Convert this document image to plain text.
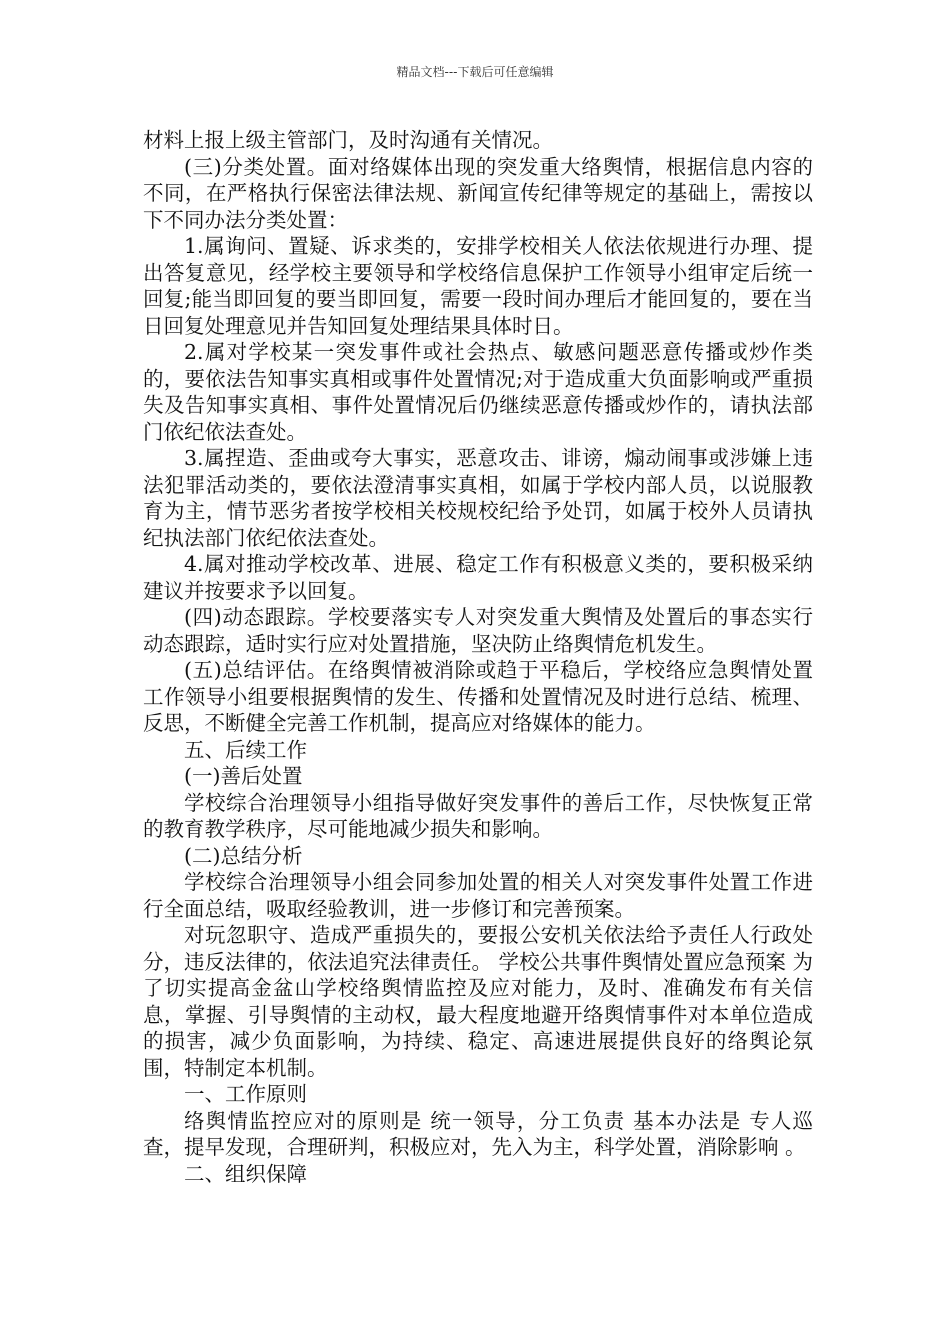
精品文档---下载后可任意编辑

材料上报上级主管部门，及时沟通有关情况。

(三)分类处置。面对络媒体出现的突发重大络舆情，根据信息内容的不同，在严格执行保密法律法规、新闻宣传纪律等规定的基础上，需按以下不同办法分类处置：

1.属询问、置疑、诉求类的，安排学校相关人依法依规进行办理、提出答复意见，经学校主要领导和学校络信息保护工作领导小组审定后统一回复;能当即回复的要当即回复，需要一段时间办理后才能回复的，要在当日回复处理意见并告知回复处理结果具体时日。

2.属对学校某一突发事件或社会热点、敏感问题恶意传播或炒作类的，要依法告知事实真相或事件处置情况;对于造成重大负面影响或严重损失及告知事实真相、事件处置情况后仍继续恶意传播或炒作的，请执法部门依纪依法查处。

3.属捏造、歪曲或夸大事实，恶意攻击、诽谤，煽动闹事或涉嫌上违法犯罪活动类的，要依法澄清事实真相，如属于学校内部人员，以说服教育为主，情节恶劣者按学校相关校规校纪给予处罚，如属于校外人员请执纪执法部门依纪依法查处。

4.属对推动学校改革、进展、稳定工作有积极意义类的，要积极采纳建议并按要求予以回复。

(四)动态跟踪。学校要落实专人对突发重大舆情及处置后的事态实行动态跟踪，适时实行应对处置措施，坚决防止络舆情危机发生。

(五)总结评估。在络舆情被消除或趋于平稳后，学校络应急舆情处置工作领导小组要根据舆情的发生、传播和处置情况及时进行总结、梳理、反思，不断健全完善工作机制，提高应对络媒体的能力。

五、后续工作

(一)善后处置

学校综合治理领导小组指导做好突发事件的善后工作，尽快恢复正常的教育教学秩序，尽可能地减少损失和影响。

(二)总结分析

学校综合治理领导小组会同参加处置的相关人对突发事件处置工作进行全面总结，吸取经验教训，进一步修订和完善预案。

对玩忽职守、造成严重损失的，要报公安机关依法给予责任人行政处分，违反法律的，依法追究法律责任。 学校公共事件舆情处置应急预案 为了切实提高金盆山学校络舆情监控及应对能力，及时、准确发布有关信息，掌握、引导舆情的主动权，最大程度地避开络舆情事件对本单位造成的损害，减少负面影响，为持续、稳定、高速进展提供良好的络舆论氛围，特制定本机制。

一、工作原则

络舆情监控应对的原则是 统一领导，分工负责 基本办法是 专人巡查，提早发现，合理研判，积极应对，先入为主，科学处置，消除影响 。

二、组织保障
